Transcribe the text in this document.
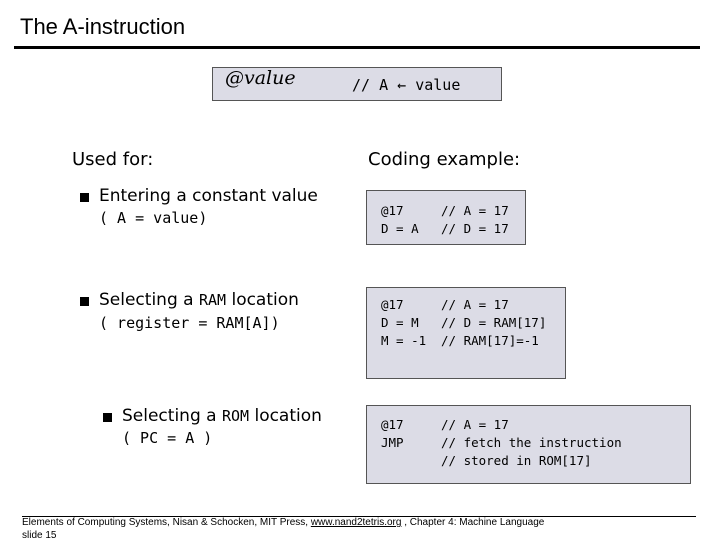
The A-instruction
@value	// A ← value
Used for:	Coding example:
Entering a constant value
( A = value)
Selecting a RAM location
( register = RAM[A])
Selecting a ROM location
( PC = A )
@17
D = A
// A = 17
// D = 17
@17
D = M
M = -1
// A = 17
// D = RAM[17]
// RAM[17]=-1
@17
JMP
// A = 17
// fetch the instruction
// stored in ROM[17]
Elements of Computing Systems, Nisan & Schocken, MIT Press, www.nand2tetris.org , Chapter 4: Machine Language
slide 15
